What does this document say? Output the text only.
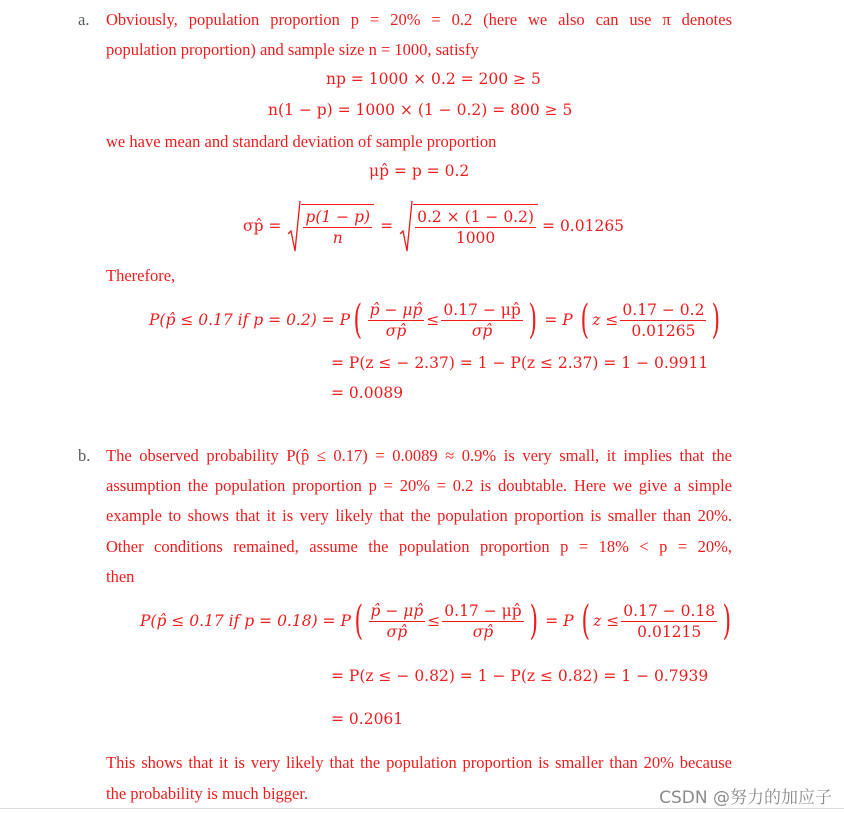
a. Obviously, population proportion p = 20% = 0.2 (here we also can use π denotes
population proportion) and sample size n = 1000, satisfy
np = 1000 × 0.2 = 200 ≥ 5
n(1 − p) = 1000 × (1 − 0.2) = 800 ≥ 5
we have mean and standard deviation of sample proportion
μp̂ = p = 0.2
σp̂ = $\frac{p(1 - p)}{n} = \frac{0.2 \times (1 - 0.2)}{1000} = 0.01265$
Therefore,
P(p̂ ≤ 0.17 if p = 0.2) = P ( $\frac{p̂ - \mu p̂}{\sigma p̂} \le \frac{0.17 - \mu p̂}{\sigma p̂}$ ) = P ( $z \le \frac{0.17 - 0.2}{0.01265}$ )
= P(z ≤ − 2.37) = 1 − P(z ≤ 2.37) = 1 − 0.9911
= 0.0089
b. The observed probability P(p̂ ≤ 0.17) = 0.0089 ≈ 0.9% is very small, it implies that the
assumption the population proportion p = 20% = 0.2 is doubtable. Here we give a simple
example to shows that it is very likely that the population proportion is smaller than 20%.
Other conditions remained, assume the population proportion p = 18% < p = 20%,
then
P(p̂ ≤ 0.17 if p = 0.18) = P ( $\frac{p̂ - \mu p̂}{\sigma p̂} \le \frac{0.17 - \mu p̂}{\sigma p̂}$ ) = P ( $z \le \frac{0.17 - 0.18}{0.01215}$ )
= P(z ≤ − 0.82) = 1 − P(z ≤ 0.82) = 1 − 0.7939
= 0.2061
This shows that it is very likely that the population proportion is smaller than 20% because
the probability is much bigger.	CSDN @努力的加应子
